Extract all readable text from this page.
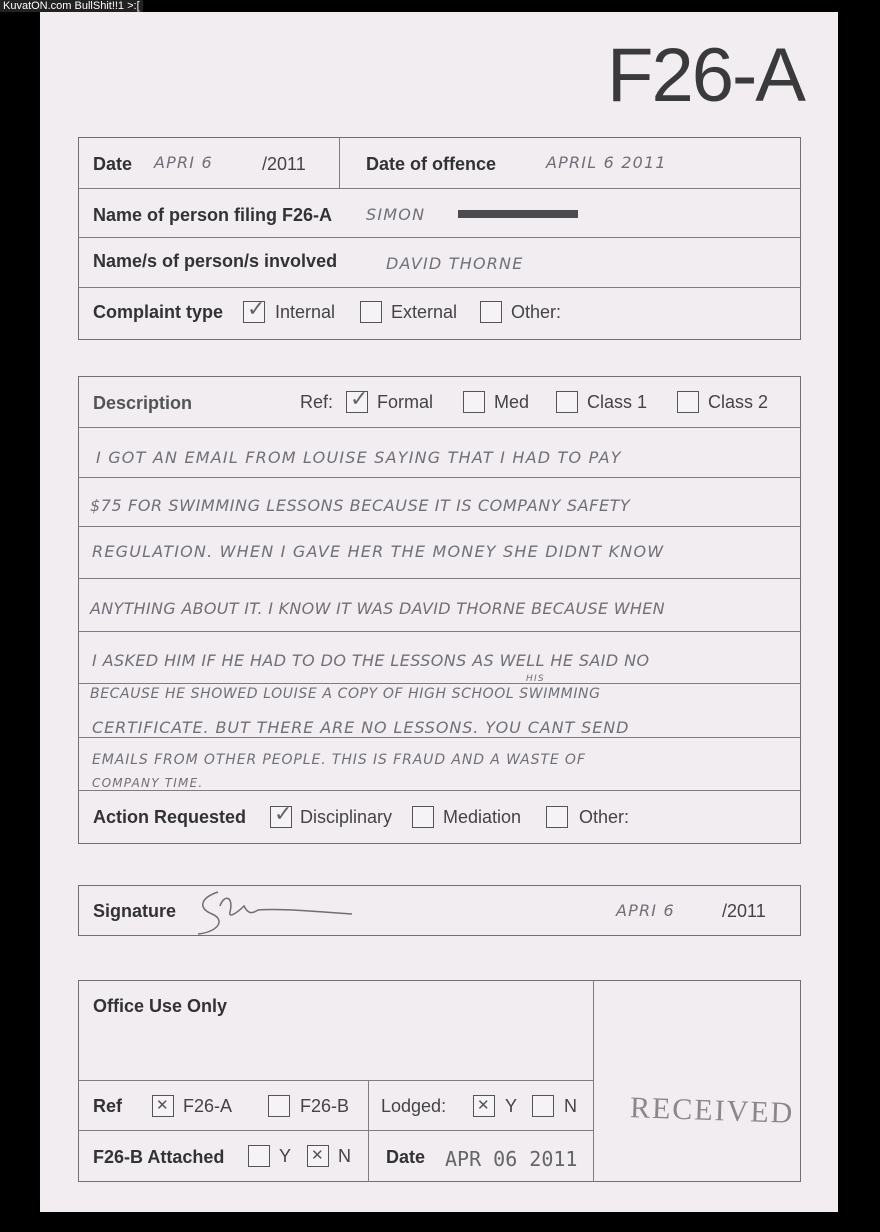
KuvatON.com BullShit!!1 >:[
F26-A
Date APRI 6	/2011	Date of offence	APRIL 6 2011
Name of person filing F26-A SIMON
Name/s of person/s involved	DAVID THORNE
Complaint type ✓	Internal	External	Other:
Description	Ref: ✓ Formal	Med	Class 1	Class 2
I GOT AN EMAIL FROM LOUISE SAYING THAT I HAD TO PAY
$75 FOR SWIMMING LESSONS BECAUSE IT IS COMPANY SAFETY
REGULATION. WHEN I GAVE HER THE MONEY SHE DIDNT KNOW
ANYTHING ABOUT IT. I KNOW IT WAS DAVID THORNE BECAUSE WHEN
I ASKED HIM IF HE HAD TO DO THE LESSONS AS WELL HE SAID NO
HIS
BECAUSE HE SHOWED LOUISE A COPY OF HIGH SCHOOL SWIMMING
CERTIFICATE. BUT THERE ARE NO LESSONS. YOU CANT SEND
EMAILS FROM OTHER PEOPLE. THIS IS FRAUD AND A WASTE OF
COMPANY TIME.
Action Requested ✓	Disciplinary	Mediation	Other:
Signature	APRI 6	/2011
Office Use Only
Ref ✕	F26-A	F26-B Lodged: ✕	Y	N
F26-B Attached	Y ✕	N Date APR 06 2011
RECEIVED
